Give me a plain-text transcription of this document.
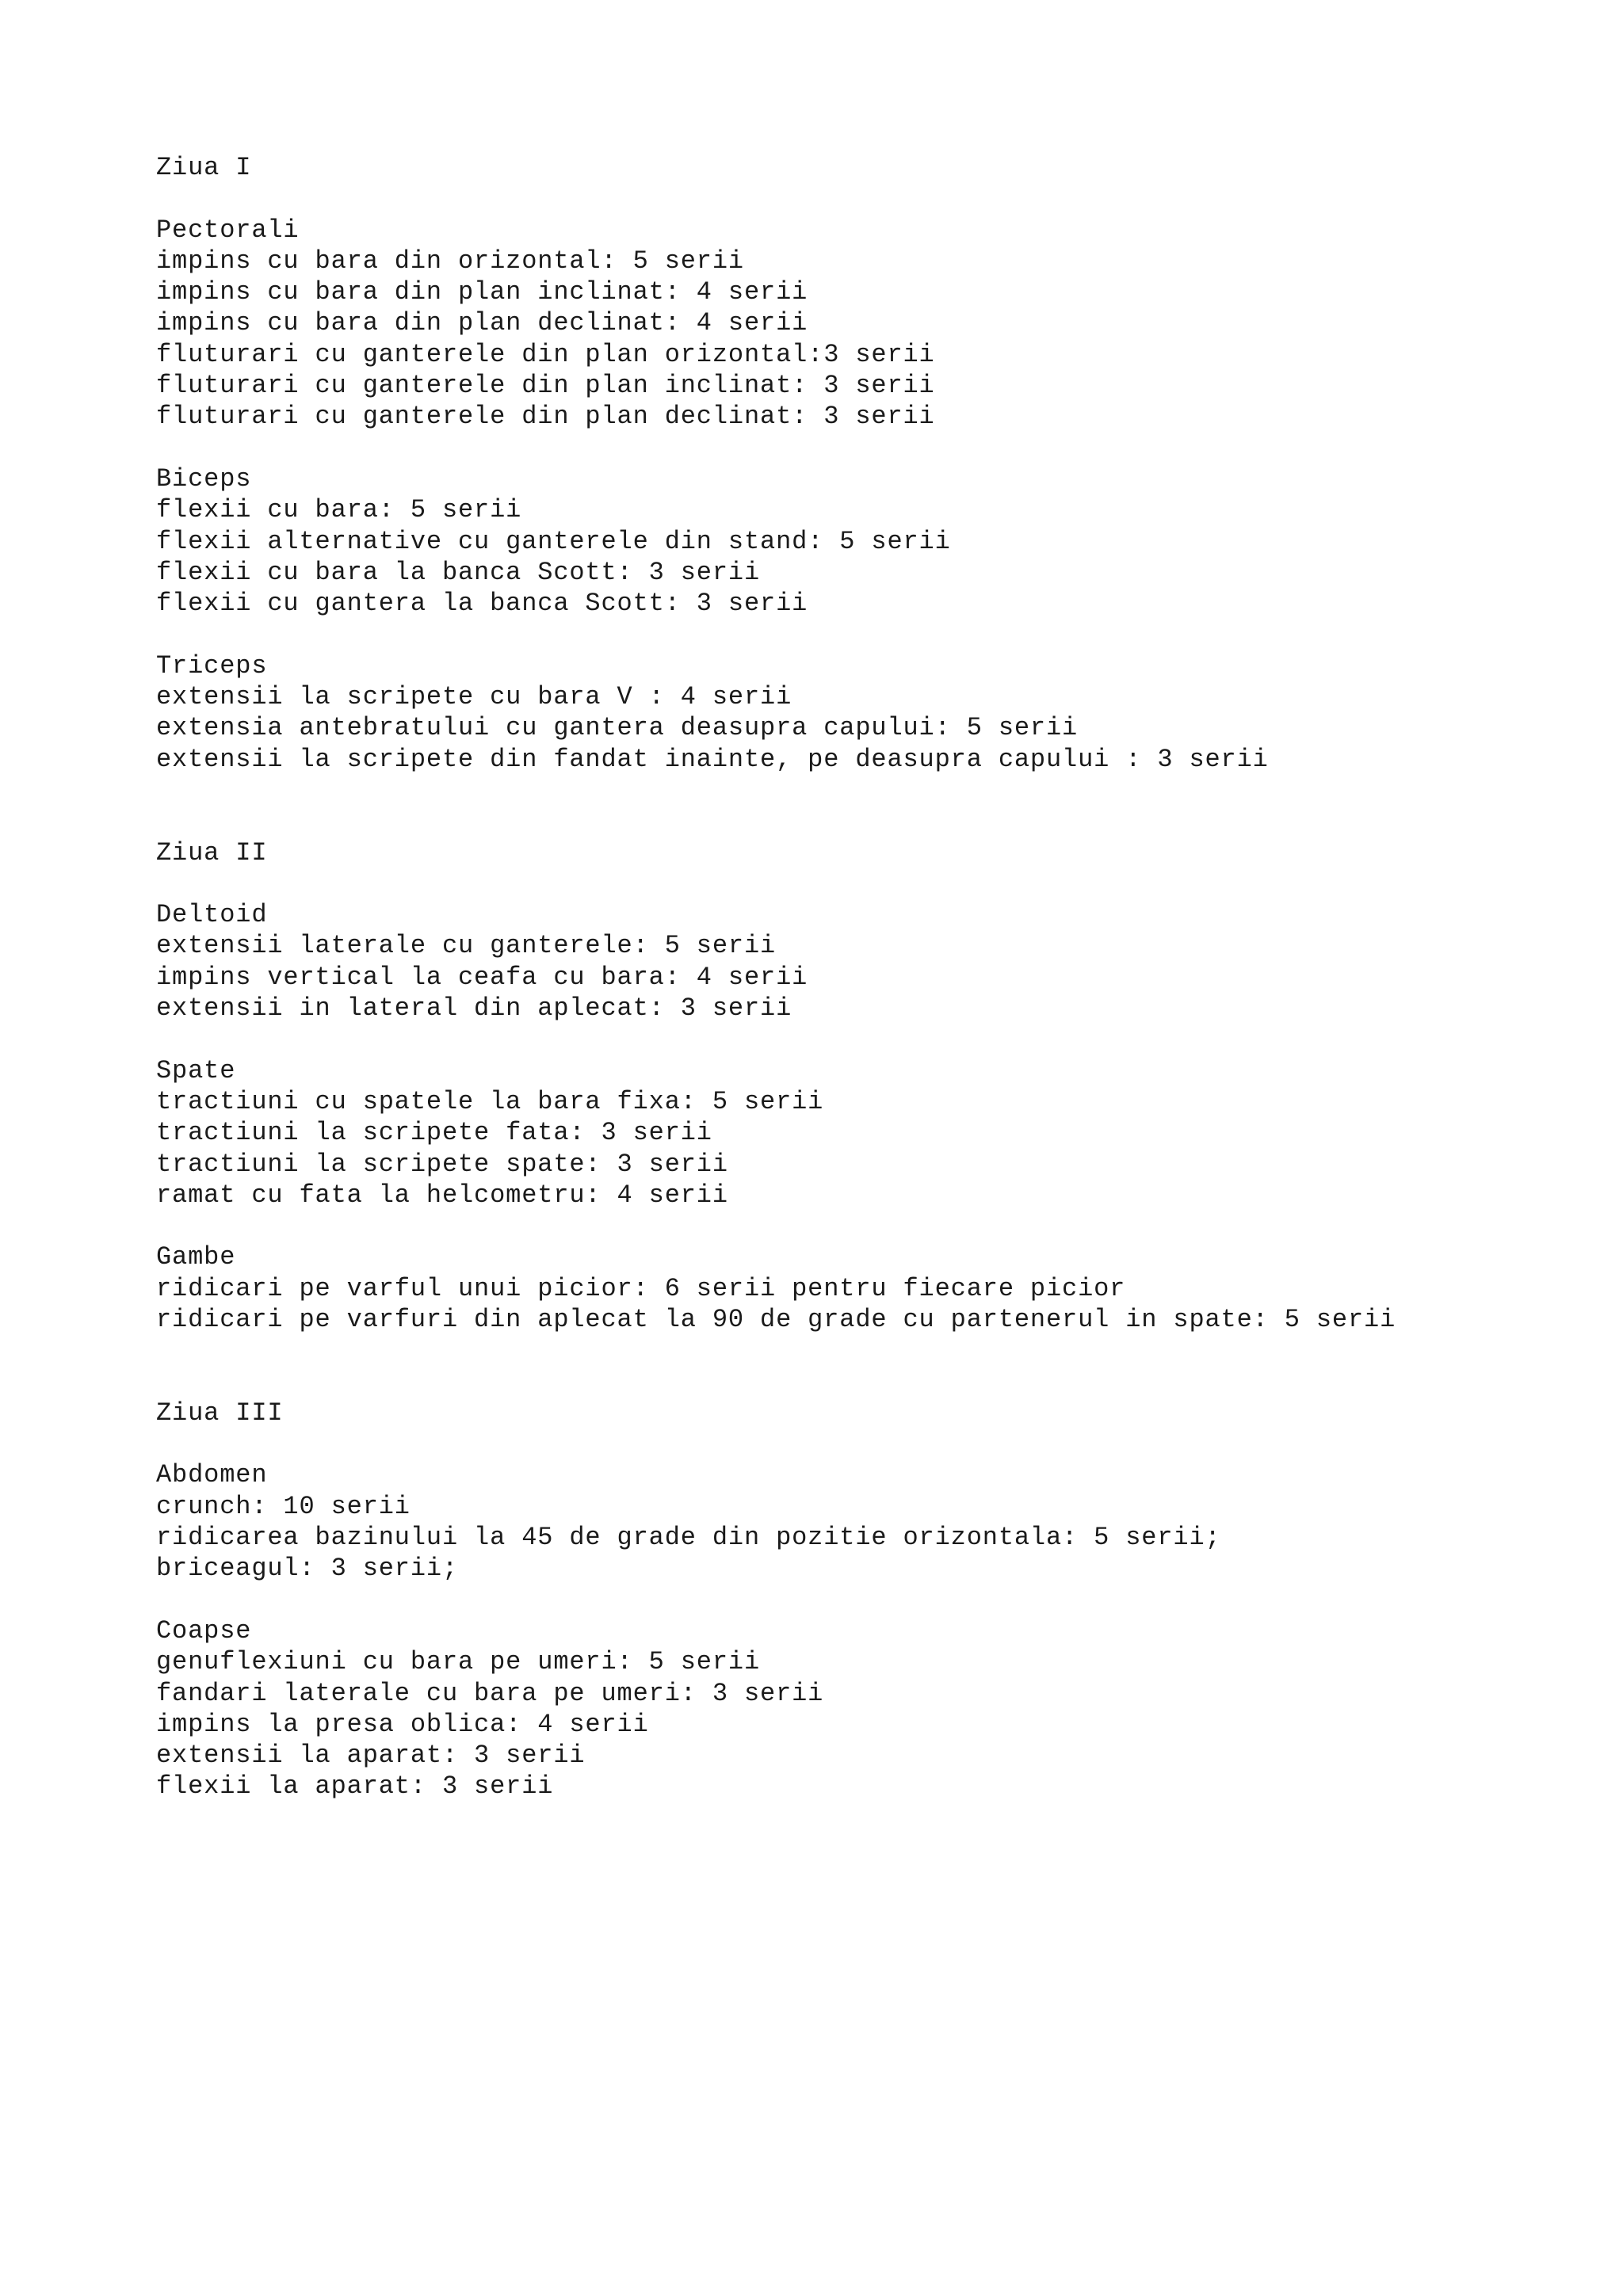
Ziua I
Pectorali
impins cu bara din orizontal: 5 serii
impins cu bara din plan inclinat: 4 serii
impins cu bara din plan declinat: 4 serii
fluturari cu ganterele din plan orizontal:3 serii
fluturari cu ganterele din plan inclinat: 3 serii
fluturari cu ganterele din plan declinat: 3 serii
Biceps
flexii cu bara: 5 serii
flexii alternative cu ganterele din stand: 5 serii
flexii cu bara la banca Scott: 3 serii
flexii cu gantera la banca Scott: 3 serii
Triceps
extensii la scripete cu bara V : 4 serii
extensia antebratului cu gantera deasupra capului: 5 serii
extensii la scripete din fandat inainte, pe deasupra capului : 3 serii
Ziua II
Deltoid
extensii laterale cu ganterele: 5 serii
impins vertical la ceafa cu bara: 4 serii
extensii in lateral din aplecat: 3 serii
Spate
tractiuni cu spatele la bara fixa: 5 serii
tractiuni la scripete fata: 3 serii
tractiuni la scripete spate: 3 serii
ramat cu fata la helcometru: 4 serii
Gambe
ridicari pe varful unui picior: 6 serii pentru fiecare picior
ridicari pe varfuri din aplecat la 90 de grade cu partenerul in spate: 5 serii
Ziua III
Abdomen
crunch: 10 serii
ridicarea bazinului la 45 de grade din pozitie orizontala: 5 serii;
briceagul: 3 serii;
Coapse
genuflexiuni cu bara pe umeri: 5 serii
fandari laterale cu bara pe umeri: 3 serii
impins la presa oblica: 4 serii
extensii la aparat: 3 serii
flexii la aparat: 3 serii
